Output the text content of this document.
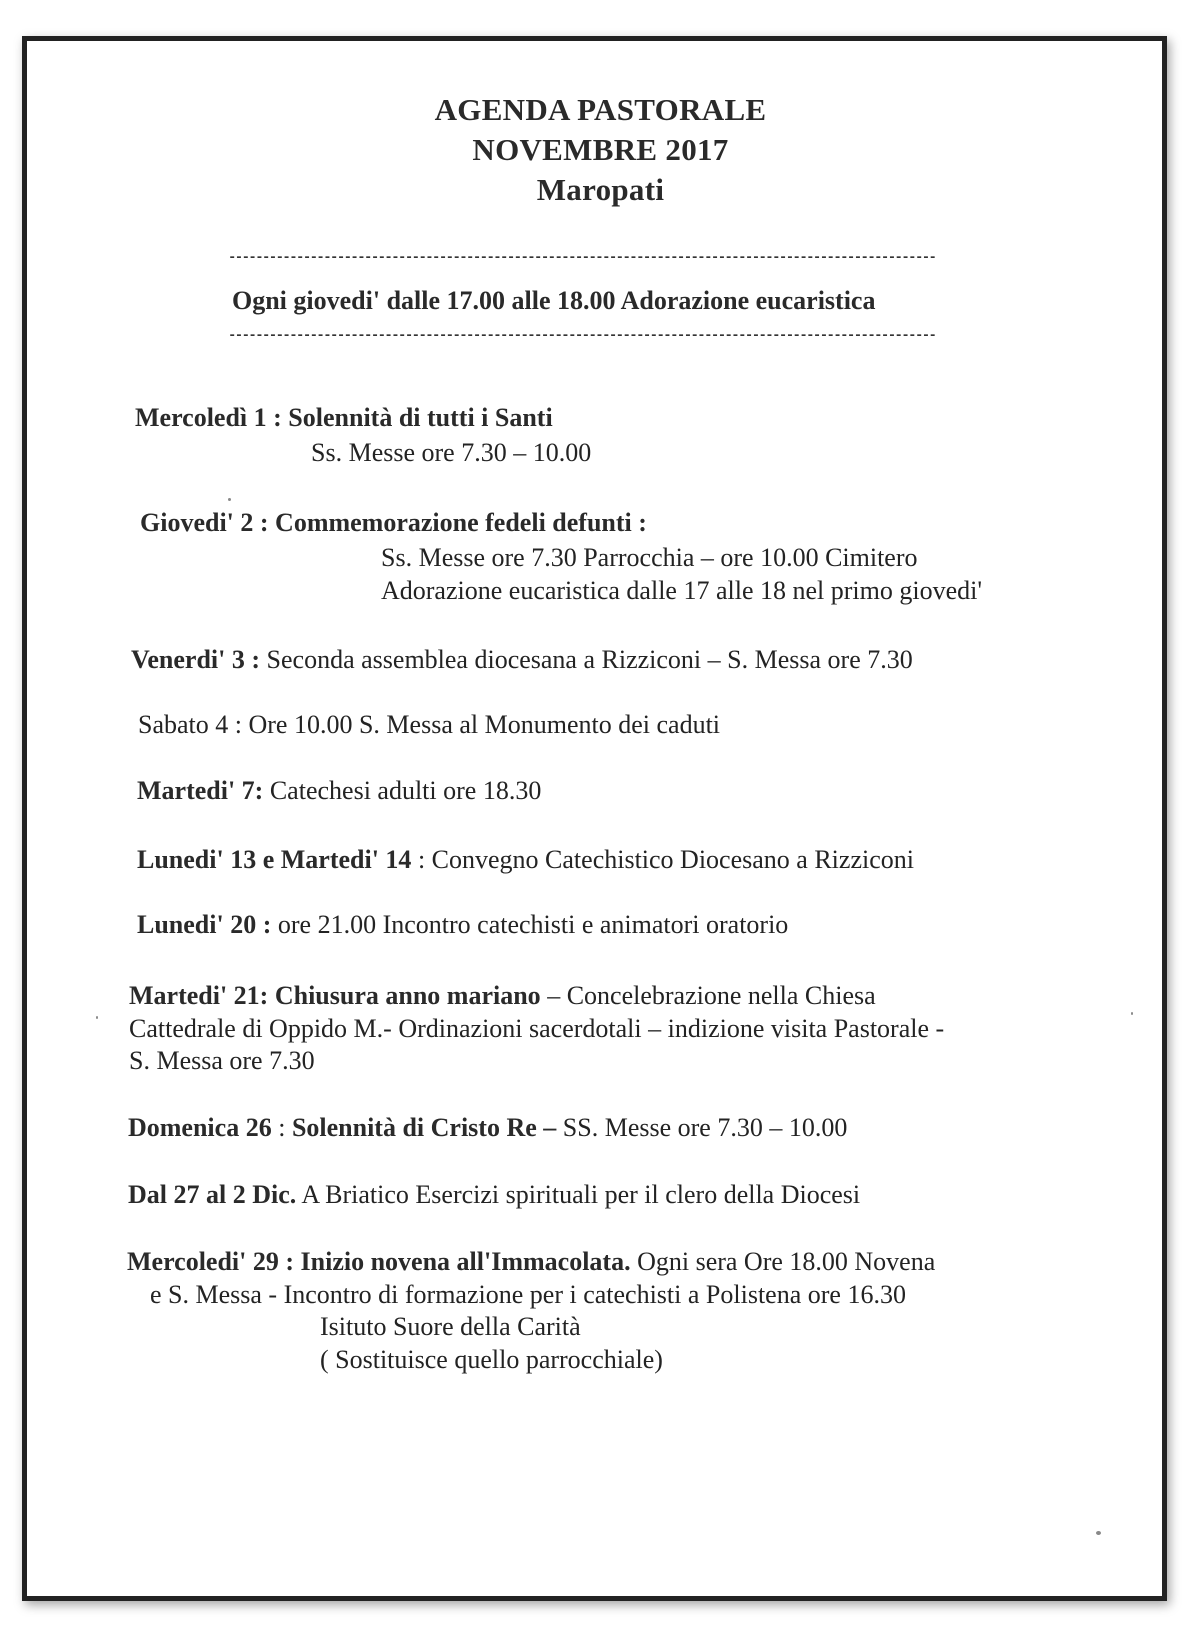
AGENDA PASTORALE
NOVEMBRE 2017
Maropati
--------------------------------------------------------------------------------------------------------
Ogni giovedi' dalle 17.00 alle 18.00 Adorazione eucaristica
--------------------------------------------------------------------------------------------------------
Mercoledì 1 : Solennità di tutti i Santi
Ss. Messe ore 7.30 – 10.00
Giovedi' 2 : Commemorazione fedeli defunti :
Ss. Messe ore 7.30 Parrocchia – ore 10.00 Cimitero
Adorazione eucaristica dalle 17 alle 18 nel primo giovedi'
Venerdi' 3 : Seconda assemblea diocesana a Rizziconi – S. Messa ore 7.30
Sabato 4 : Ore 10.00 S. Messa al Monumento dei caduti
Martedi' 7: Catechesi adulti ore 18.30
Lunedi' 13 e Martedi' 14 : Convegno Catechistico Diocesano a Rizziconi
Lunedi' 20 : ore 21.00 Incontro catechisti e animatori oratorio
Martedi' 21: Chiusura anno mariano – Concelebrazione nella Chiesa
Cattedrale di Oppido M.- Ordinazioni sacerdotali – indizione visita Pastorale -
S. Messa ore 7.30
Domenica 26 : Solennità di Cristo Re – SS. Messe ore 7.30 – 10.00
Dal 27 al 2 Dic. A Briatico Esercizi spirituali per il clero della Diocesi
Mercoledi' 29 : Inizio novena all'Immacolata. Ogni sera Ore 18.00 Novena
e S. Messa - Incontro di formazione per i catechisti a Polistena ore 16.30
Isituto Suore della Carità
( Sostituisce quello parrocchiale)
